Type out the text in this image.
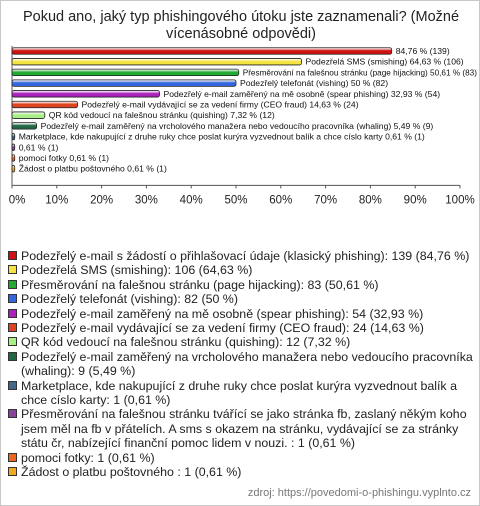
Pokud ano, jaký typ phishingového útoku jste zaznamenali? (Možné
vícenásobné odpovědi)
0% 10% 20% 30% 40% 50% 60% 70% 80% 90% 100%
84,76 % (139)
Podezřelá SMS (smishing) 64,63 % (106)
Přesměrování na falešnou stránku (page hijacking) 50,61 % (83)
Podezřelý telefonát (vishing) 50 % (82)
Podezřelý e-mail zaměřený na mě osobně (spear phishing) 32,93 % (54)
Podezřelý e-mail vydávající se za vedení firmy (CEO fraud) 14,63 % (24)
QR kód vedoucí na falešnou stránku (quishing) 7,32 % (12)
Podezřelý e-mail zaměřený na vrcholového manažera nebo vedoucího pracovníka (whaling) 5,49 % (9)
Marketplace, kde nakupující z druhe ruky chce poslat kurýra vyzvednout balík a chce císlo karty 0,61 % (1)
0,61 % (1)
pomoci fotky 0,61 % (1)
Žádost o platbu poštovného 0,61 % (1)
Podezřelý e-mail s žádostí o přihlašovací údaje (klasický phishing): 139 (84,76 %)
Podezřelá SMS (smishing): 106 (64,63 %)
Přesměrování na falešnou stránku (page hijacking): 83 (50,61 %)
Podezřelý telefonát (vishing): 82 (50 %)
Podezřelý e-mail zaměřený na mě osobně (spear phishing): 54 (32,93 %)
Podezřelý e-mail vydávající se za vedení firmy (CEO fraud): 24 (14,63 %)
QR kód vedoucí na falešnou stránku (quishing): 12 (7,32 %)
Podezřelý e-mail zaměřený na vrcholového manažera nebo vedoucího pracovníka (whaling): 9 (5,49 %)
Marketplace, kde nakupující z druhe ruky chce poslat kurýra vyzvednout balík a chce císlo karty: 1 (0,61 %)
Přesměrování na falešnou stránku tvářící se jako stránka fb, zaslaný někým koho jsem měl na fb v přátelích. A sms s okazem na stránku, vydávající se za stránky státu čr, nabízející finanční pomoc lidem v nouzi. : 1 (0,61 %)
pomoci fotky: 1 (0,61 %)
Žádost o platbu poštovného : 1 (0,61 %)
zdroj: https://povedomi-o-phishingu.vyplnto.cz
